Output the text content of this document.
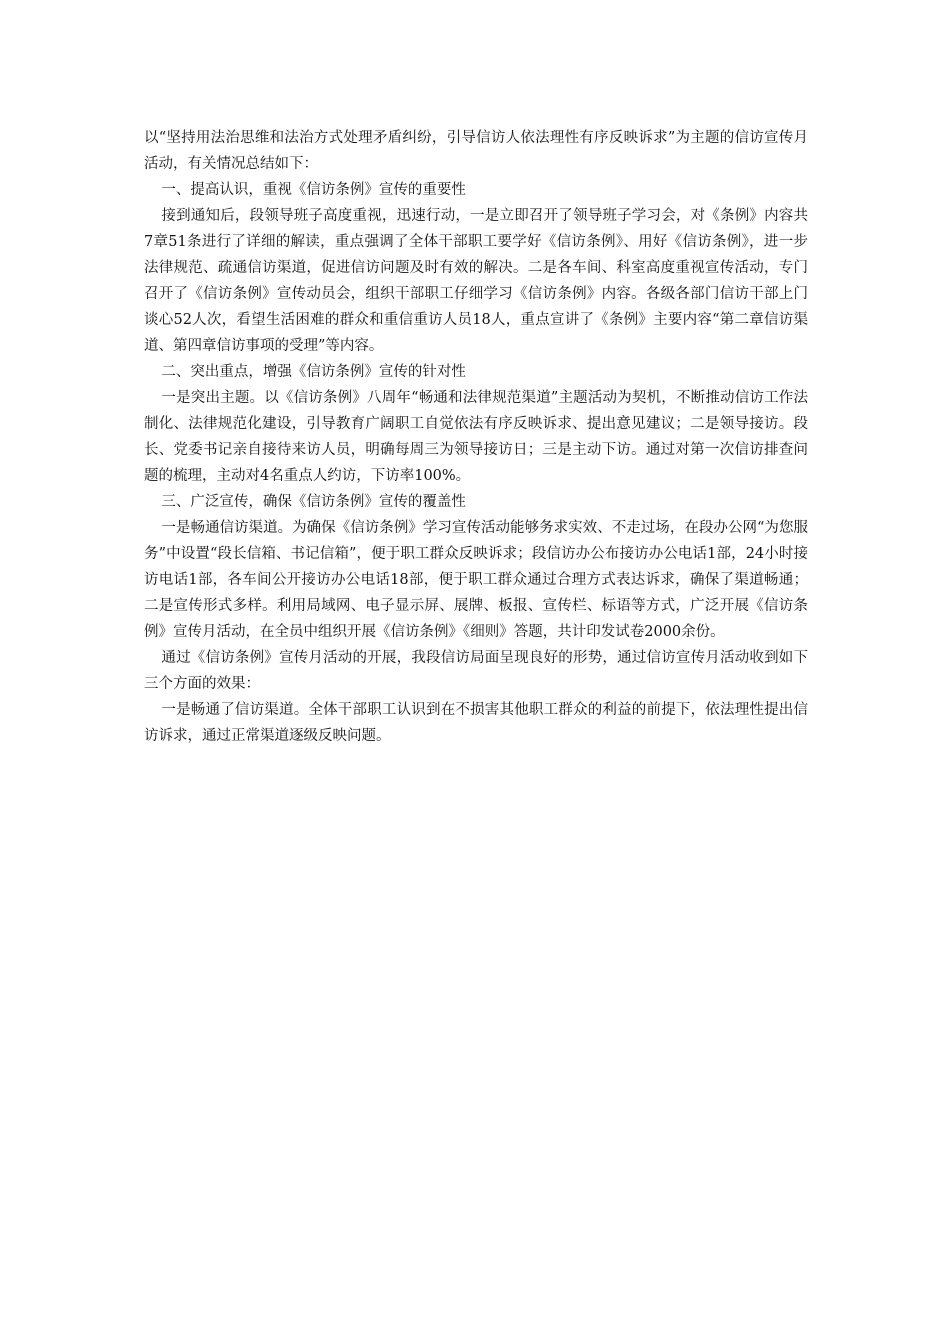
以“坚持用法治思维和法治方式处理矛盾纠纷，引导信访人依法理性有序反映诉求”为主题的信访宣传月活动，有关情况总结如下：

一、提高认识，重视《信访条例》宣传的重要性

接到通知后，段领导班子高度重视，迅速行动，一是立即召开了领导班子学习会，对《条例》内容共7章51条进行了详细的解读，重点强调了全体干部职工要学好《信访条例》、用好《信访条例》，进一步法律规范、疏通信访渠道，促进信访问题及时有效的解决。二是各车间、科室高度重视宣传活动，专门召开了《信访条例》宣传动员会，组织干部职工仔细学习《信访条例》内容。各级各部门信访干部上门谈心52人次，看望生活困难的群众和重信重访人员18人，重点宣讲了《条例》主要内容“第二章信访渠道、第四章信访事项的受理”等内容。

二、突出重点，增强《信访条例》宣传的针对性

一是突出主题。以《信访条例》八周年“畅通和法律规范渠道”主题活动为契机，不断推动信访工作法制化、法律规范化建设，引导教育广阔职工自觉依法有序反映诉求、提出意见建议；二是领导接访。段长、党委书记亲自接待来访人员，明确每周三为领导接访日；三是主动下访。通过对第一次信访排查问题的梳理，主动对4名重点人约访，下访率100%。

三、广泛宣传，确保《信访条例》宣传的覆盖性

一是畅通信访渠道。为确保《信访条例》学习宣传活动能够务求实效、不走过场，在段办公网“为您服务”中设置“段长信箱、书记信箱”，便于职工群众反映诉求；段信访办公布接访办公电话1部，24小时接访电话1部，各车间公开接访办公电话18部，便于职工群众通过合理方式表达诉求，确保了渠道畅通；二是宣传形式多样。利用局域网、电子显示屏、展牌、板报、宣传栏、标语等方式，广泛开展《信访条例》宣传月活动，在全员中组织开展《信访条例》《细则》答题，共计印发试卷2000余份。

通过《信访条例》宣传月活动的开展，我段信访局面呈现良好的形势，通过信访宣传月活动收到如下三个方面的效果：

一是畅通了信访渠道。全体干部职工认识到在不损害其他职工群众的利益的前提下，依法理性提出信访诉求，通过正常渠道逐级反映问题。
